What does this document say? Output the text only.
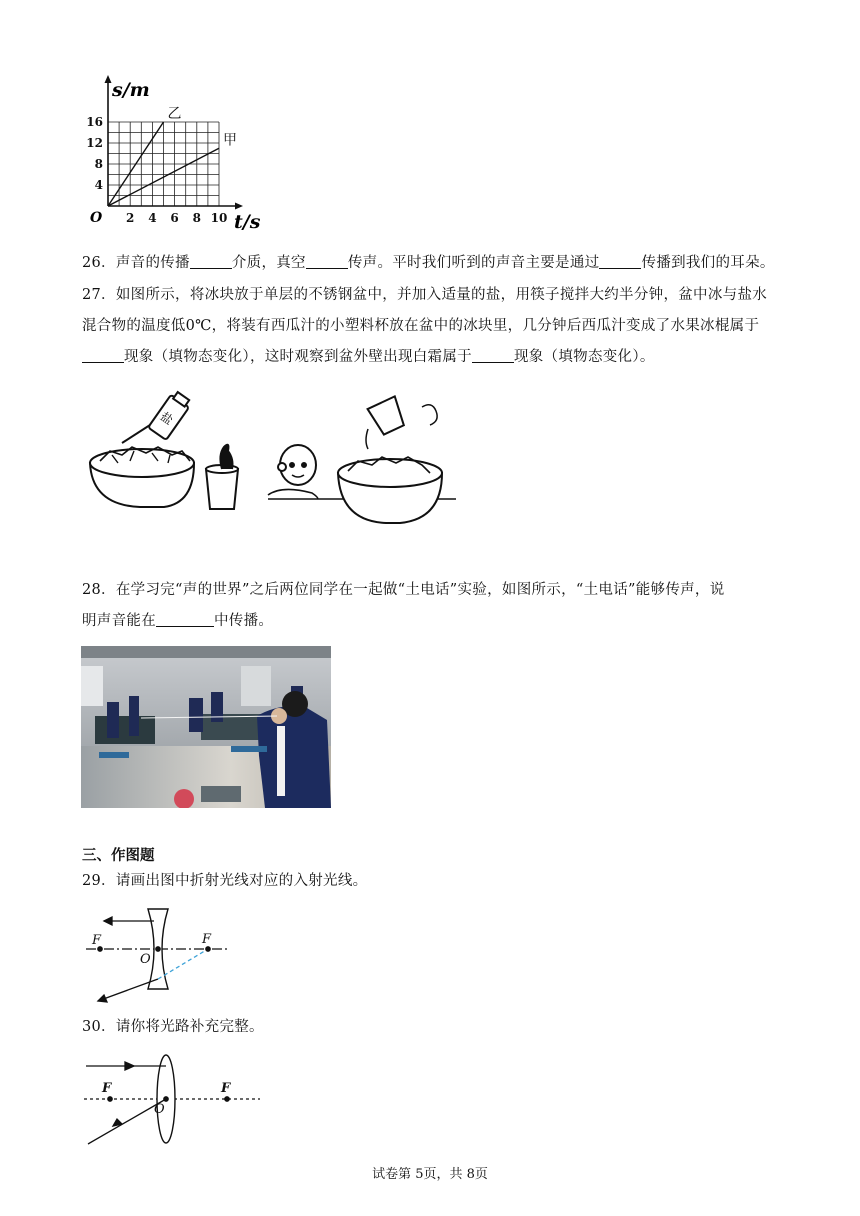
2 4 6 8 10
4
8
12
16	乙
甲
s/m
t/s
O
26．声音的传播	介质，真空	传声。平时我们听到的声音主要是通过	传播到我们的耳朵。
27．如图所示，将冰块放于单层的不锈钢盆中，并加入适量的盐，用筷子搅拌大约半分钟，盆中冰与盐水
混合物的温度低0℃，将装有西瓜汁的小塑料杯放在盆中的冰块里，几分钟后西瓜汁变成了水果冰棍属于
现象（填物态变化），这时观察到盆外壁出现白霜属于	现象（填物态变化）。
盐
28．在学习完“声的世界”之后两位同学在一起做“土电话”实验，如图所示，“土电话”能够传声，说
明声音能在	中传播。
三、作图题
29．请画出图中折射光线对应的入射光线。
F	F
O
30．请你将光路补充完整。
F	F
O
试卷第 5页，共 8页
